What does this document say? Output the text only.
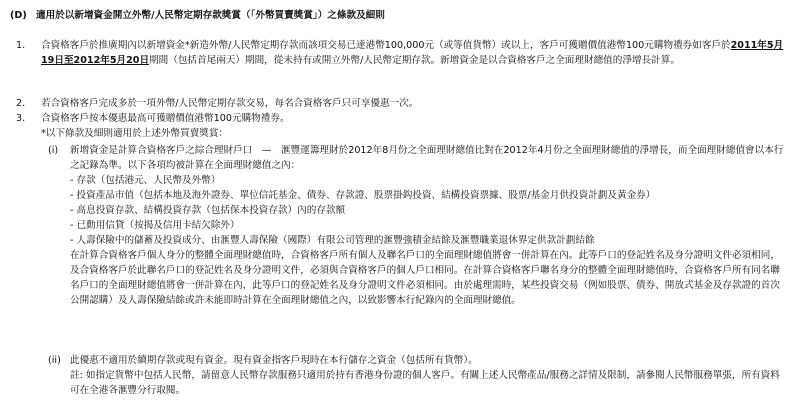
(D) 適用於以新增資金開立外幣/人民幣定期存款獎賞（「外幣買賣獎賞」）之條款及細則
1.	合資格客戶於推廣期內以新增資金*新造外幣/人民幣定期存款而該項交易已達港幣100,000元（或等值貨幣）或以上，客戶可獲贈價值港幣100元購物禮券如客戶於2011年5月19日至2012年5月20日期間（包括首尾兩天）期間，從未持有或開立外幣/人民幣定期存款。新增資金是以合資格客戶之全面理財總值的淨增長計算。
2.	若合資格客戶完成多於一項外幣/人民幣定期存款交易，每名合資格客戶只可享優惠一次。
3.	合資格客戶按本優惠最高可獲贈價值港幣100元購物禮券。
*以下條款及細則適用於上述外幣買賣獎賞：
(i)	新增資金是計算合資格客戶之綜合理財戶口　—　滙豐運籌理財於2012年8月份之全面理財總值比對在2012年4月份之全面理財總值的淨增長，而全面理財總值會以本行之記錄為準。以下各項均被計算在全面理財總值之內：
- 存款（包括港元、人民幣及外幣）
- 投資產品市值（包括本地及海外證券、單位信託基金、債券、存款證、股票掛鈎投資、結構投資票據、股票/基金月供投資計劃及黃金券）
- 高息投資存款、結構投資存款（包括保本投資存款）內的存款額
- 已動用信貸（按揭及信用卡結欠除外）
- 人壽保險中的儲蓄及投資成分、由滙豐人壽保險（國際）有限公司管理的滙豐強積金結餘及滙豐職業退休界定供款計劃結餘
在計算合資格客戶個人身分的整體全面理財總值時，合資格客戶所有個人及聯名戶口的全面理財總值將會一併計算在內。此等戶口的登記姓名及身分證明文件必須相同，及合資格客戶於此聯名戶口的登記姓名及身分證明文件，必須與合資格客戶的個人戶口相同。在計算合資格客戶聯名身分的整體全面理財總值時，合資格客戶所有同名聯名戶口的全面理財總值將會一併計算在內，此等戶口的登記姓名及身分證明文件必須相同。由於處理需時，某些投資交易（例如股票、債券、開放式基金及存款證的首次公開認購）及人壽保險結餘或許未能即時計算在全面理財總值之內，以致影響本行紀錄內的全面理財總值。
(ii) 此優惠不適用於續期存款或現有資金。現有資金指客戶現時在本行儲存之資金（包括所有貨幣）。
註: 如指定貨幣中包括人民幣，請留意人民幣存款服務只適用於持有香港身份證的個人客戶。有關上述人民幣產品/服務之詳情及限制，請參閱人民幣服務單張，所有資料可在全港各滙豐分行取閱。
